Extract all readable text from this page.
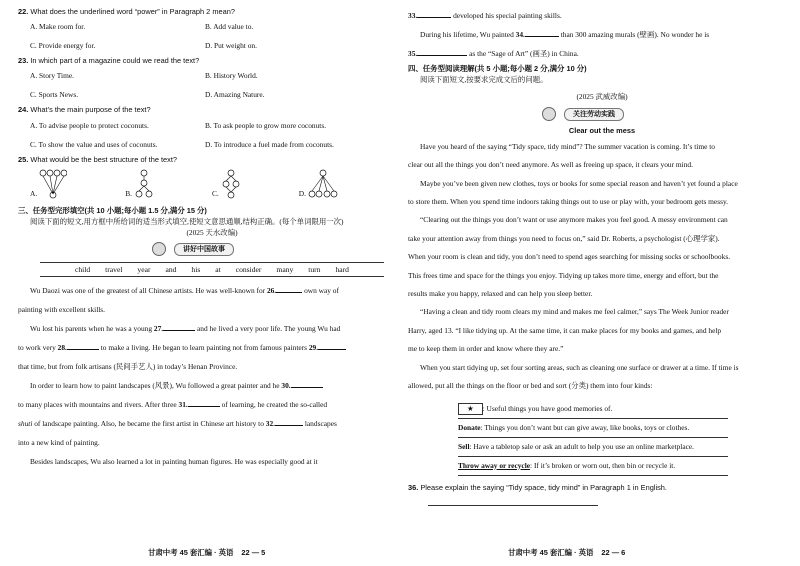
22. What does the underlined word “power” in Paragraph 2 mean?

A. Make room for.	B. Add value to.
C. Provide energy for.	D. Put weight on.

23. In which part of a magazine could we read the text?

A. Story Time.	B. History World.
C. Sports News.	D. Amazing Nature.

24. What’s the main purpose of the text?

A. To advise people to protect coconuts.	B. To ask people to grow more coconuts.
C. To show the value and uses of coconuts.	D. To introduce a fuel made from coconuts.

25. What would be the best structure of the text?

A.	B.	C.	D.
三、任务型完形填空(共 10 小题;每小题 1.5 分,满分 15 分)
阅读下面的短文,用方框中所给词的适当形式填空,使短文意思通顺,结构正确。(每个单词限用一次)
(2025 天水改编)
讲好中国故事
child travel year and his at consider many turn hard
Wu Daozi was one of the greatest of all Chinese artists. He was well-known for 26.	own way of
painting with excellent skills.
Wu lost his parents when he was a young 27.	and he lived a very poor life. The young Wu had
to work very 28.	to make a living. He began to learn painting not from famous painters 29.
that time, but from folk artisans (民间手艺人) in today’s Henan Province.
In order to learn how to paint landscapes (风景), Wu followed a great painter and he 30.
to many places with mountains and rivers. After three 31.	of learning, he created the so-called
shuti of landscape painting. Also, he became the first artist in Chinese art history to 32.	landscapes
into a new kind of painting.
Besides landscapes, Wu also learned a lot in painting human figures. He was especially good at it
甘肃中考 45 套汇编 · 英语 22 — 5
33.	developed his special painting skills.
During his lifetime, Wu painted 34.	than 300 amazing murals (壁画). No wonder he is
35.	as the “Sage of Art” (画圣) in China.
四、任务型阅读理解(共 5 小题;每小题 2 分,满分 10 分)
阅读下面短文,按要求完成文后的问题。
(2025 武威改编)
关注劳动实践
Clear out the mess
Have you heard of the saying “Tidy space, tidy mind”? The summer vacation is coming. It’s time to
clear out all the things you don’t need anymore. As well as freeing up space, it clears your mind.
Maybe you’ve been given new clothes, toys or books for some special reason and haven’t yet found a place
to store them. When you spend time indoors taking things out to use or play with, your bedroom gets messy.
“Clearing out the things you don’t want or use anymore makes you feel good. A messy environment can
take your attention away from things you need to focus on,” said Dr. Roberts, a psychologist (心理学家).
When your room is clean and tidy, you don’t need to spend ages searching for missing socks or schoolbooks.
This frees time and space for the things you enjoy. Tidying up takes more time, energy and effort, but the
results make you happy, relaxed and can help you sleep better.
“Having a clean and tidy room clears my mind and makes me feel calmer,” says The Week Junior reader
Harry, aged 13. “I like tidying up. At the same time, it can make places for my books and games, and help
me to keep them in order and know where they are.”
When you start tidying up, set four sorting areas, such as cleaning one surface or drawer at a time. If time is
allowed, put all the things on the floor or bed and sort (分类) them into four kinds:
★ : Useful things you have good memories of.
Donate: Things you don’t want but can give away, like books, toys or clothes.
Sell: Have a tabletop sale or ask an adult to help you use an online marketplace.
Throw away or recycle: If it’s broken or worn out, then bin or recycle it.
36. Please explain the saying “Tidy space, tidy mind” in Paragraph 1 in English.
甘肃中考 45 套汇编 · 英语 22 — 6
